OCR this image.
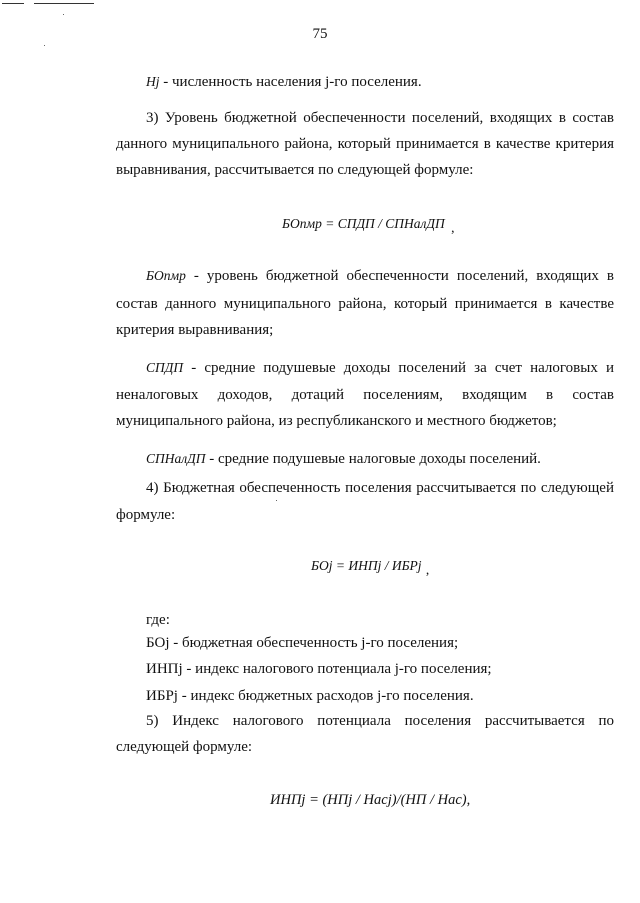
75
Hj - численность населения j-го поселения.
3) Уровень бюджетной обеспеченности поселений, входящих в состав
данного муниципального района, который принимается в качестве критерия
выравнивания, рассчитывается по следующей формуле:
БОпмр = СПДП / СПНалДП ,
БОпмр - уровень бюджетной обеспеченности поселений, входящих в
состав данного муниципального района, который принимается в качестве
критерия выравнивания;
СПДП - средние подушевые доходы поселений за счет налоговых и
неналоговых доходов, дотаций поселениям, входящим в состав
муниципального района, из республиканского и местного бюджетов;
СПНалДП - средние подушевые налоговые доходы поселений.
4) Бюджетная обеспеченность поселения рассчитывается по следующей
формуле:
БОj = ИНПj / ИБРj ,
где:
БОj - бюджетная обеспеченность j-го поселения;
ИНПj - индекс налогового потенциала j-го поселения;
ИБРj - индекс бюджетных расходов j-го поселения.
5) Индекс налогового потенциала поселения рассчитывается по
следующей формуле:
ИНПj = (НПj / Насj)/(НП / Нас),
